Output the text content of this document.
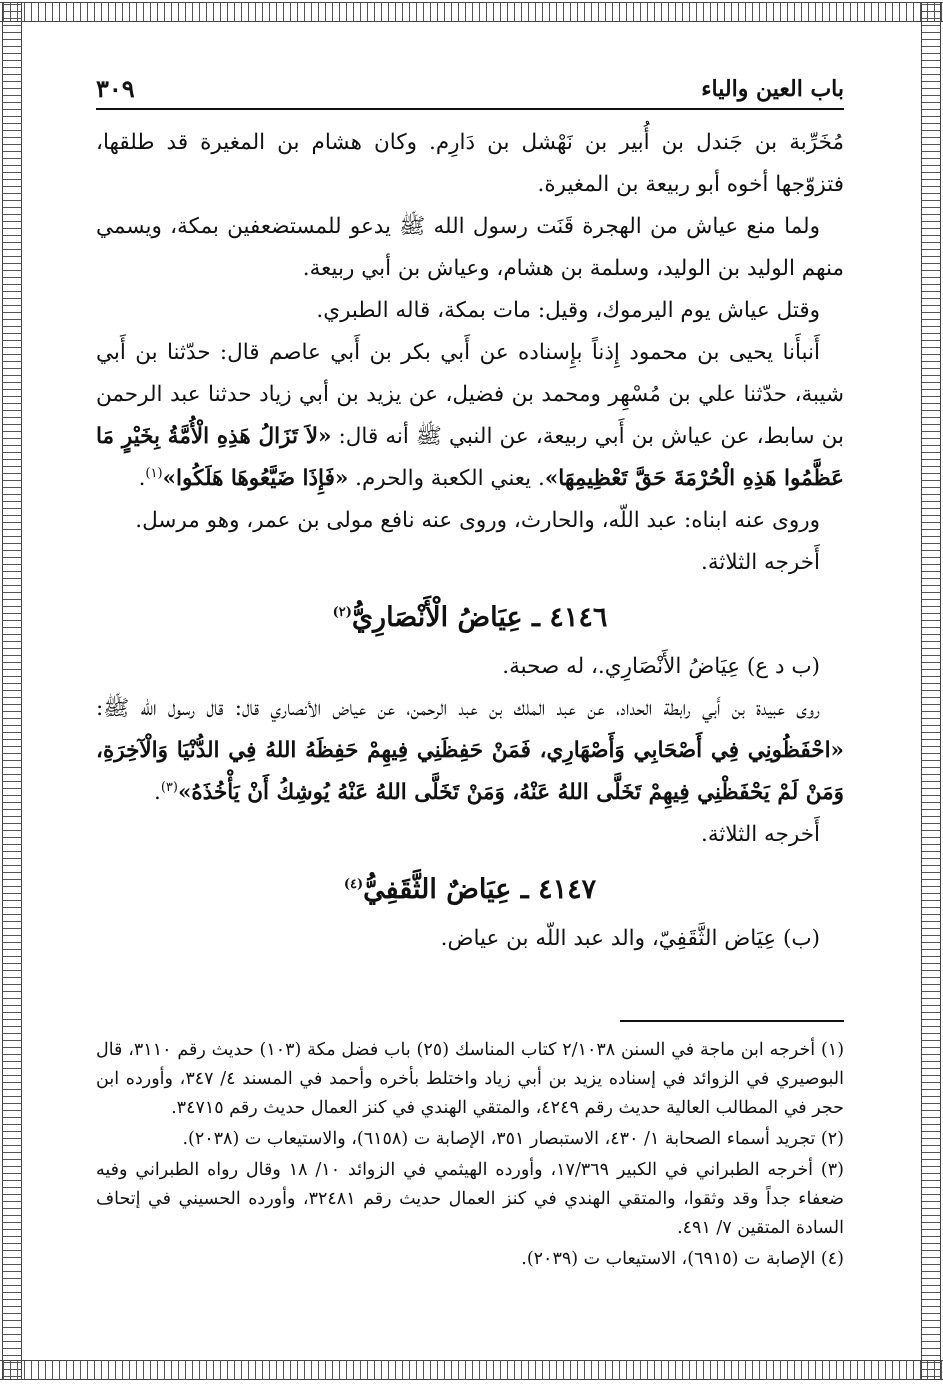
باب العين والياء
٣٠٩

مُخَرِّبة بن جَندل بن أُبير بن نَهْشل بن دَارِم. وكان هشام بن المغيرة قد طلقها، فتزوّجها أخوه أبو ربيعة بن المغيرة.

ولما منع عياش من الهجرة قَنَت رسول الله ﷺ يدعو للمستضعفين بمكة، ويسمي منهم الوليد بن الوليد، وسلمة بن هشام، وعياش بن أبي ربيعة.

وقتل عياش يوم اليرموك، وقيل: مات بمكة، قاله الطبري.

أَنبأَنا يحيى بن محمود إِذناً بإِسناده عن أَبي بكر بن أَبي عاصم قال: حدّثنا بن أَبي شيبة، حدّثنا علي بن مُسْهِر ومحمد بن فضيل، عن يزيد بن أبي زياد حدثنا عبد الرحمن بن سابط، عن عياش بن أَبي ربيعة، عن النبي ﷺ أنه قال: «لاَ تَزَالُ هَذِهِ الْأُمَّةُ بِخَيْرٍ مَا عَظَّمُوا هَذِهِ الْحُرْمَةَ حَقَّ تَعْظِيمِهَا». يعني الكعبة والحرم. «فَإِذَا ضَيَّعُوهَا هَلَكُوا»$^{(١)}$.

وروى عنه ابناه: عبد اللّه، والحارث، وروى عنه نافع مولى بن عمر، وهو مرسل.

أَخرجه الثلاثة.

٤١٤٦ ـ عِيَاضُ الْأَنْصَارِيُّ$^{(٢)}$

(ب د ع) عِيَاضُ الأَنْصَارِي.، له صحبة.

روى عبيدة بن أَبي رابطة الحداد، عن عبد الملك بن عبد الرحمن، عن عياض الأنصاري قال: قال رسول الله ﷺ: «احْفَظُونِي فِي أَصْحَابِي وَأَصْهَارِي، فَمَنْ حَفِظَنِي فِيهِمْ حَفِظَهُ اللهُ فِي الدُّنْيَا وَالْآخِرَةِ، وَمَنْ لَمْ يَحْفَظْنِي فِيهِمْ تَخَلَّى اللهُ عَنْهُ، وَمَنْ تَخَلَّى اللهُ عَنْهُ يُوشِكُ أَنْ يَأْخُذَهُ»$^{(٣)}$.

أَخرجه الثلاثة.

٤١٤٧ ـ عِيَاضٌ الثَّقَفِيُّ$^{(٤)}$

(ب) عِيَاض الثَّقَفِيّ، والد عبد اللّه بن عياض.

(١) أخرجه ابن ماجة في السنن ٢/١٠٣٨ كتاب المناسك (٢٥) باب فضل مكة (١٠٣) حديث رقم ٣١١٠، قال البوصيري في الزوائد في إسناده يزيد بن أبي زياد واختلط بأخره وأحمد في المسند ٤/ ٣٤٧، وأورده ابن حجر في المطالب العالية حديث رقم ٤٢٤٩، والمتقي الهندي في كنز العمال حديث رقم ٣٤٧١٥.

(٢) تجريد أسماء الصحابة ١/ ٤٣٠، الاستبصار ٣٥١، الإصابة ت (٦١٥٨)، والاستيعاب ت (٢٠٣٨).

(٣) أخرجه الطبراني في الكبير ١٧/٣٦٩، وأورده الهيثمي في الزوائد ١٠/ ١٨ وقال رواه الطبراني وفيه ضعفاء جداً وقد وثقوا، والمتقي الهندي في كنز العمال حديث رقم ٣٢٤٨١، وأورده الحسيني في إتحاف السادة المتقين ٧/ ٤٩١.

(٤) الإصابة ت (٦٩١٥)، الاستيعاب ت (٢٠٣٩).
